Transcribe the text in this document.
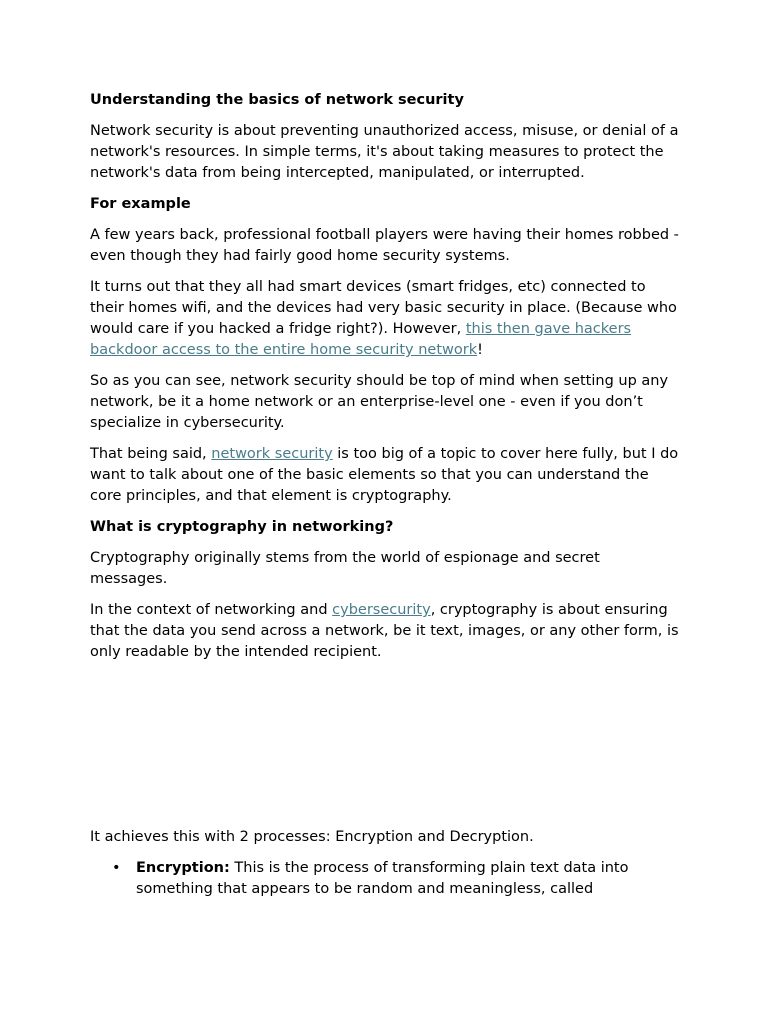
Understanding the basics of network security

Network security is about preventing unauthorized access, misuse, or denial of a network's resources. In simple terms, it's about taking measures to protect the network's data from being intercepted, manipulated, or interrupted.

For example

A few years back, professional football players were having their homes robbed - even though they had fairly good home security systems.

It turns out that they all had smart devices (smart fridges, etc) connected to their homes wifi, and the devices had very basic security in place. (Because who would care if you hacked a fridge right?). However, this then gave hackers backdoor access to the entire home security network!

So as you can see, network security should be top of mind when setting up any network, be it a home network or an enterprise-level one - even if you don’t specialize in cybersecurity.

That being said, network security is too big of a topic to cover here fully, but I do want to talk about one of the basic elements so that you can understand the core principles, and that element is cryptography.

What is cryptography in networking?

Cryptography originally stems from the world of espionage and secret messages.

In the context of networking and cybersecurity, cryptography is about ensuring that the data you send across a network, be it text, images, or any other form, is only readable by the intended recipient.

It achieves this with 2 processes: Encryption and Decryption.

• Encryption: This is the process of transforming plain text data into something that appears to be random and meaningless, called
